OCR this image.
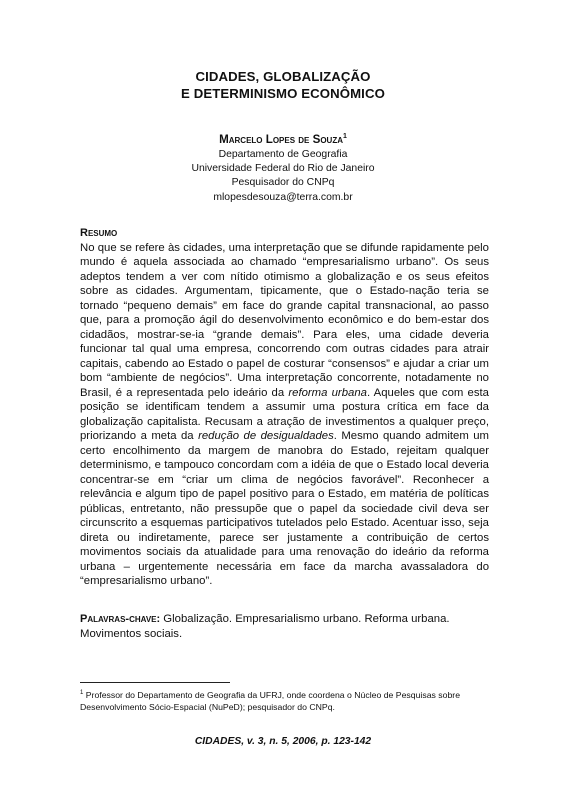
CIDADES, GLOBALIZAÇÃO
E DETERMINISMO ECONÔMICO
Marcelo Lopes de Souza$^1$
Departamento de Geografia
Universidade Federal do Rio de Janeiro
Pesquisador do CNPq
mlopesdesouza@terra.com.br
Resumo

No que se refere às cidades, uma interpretação que se difunde rapidamente pelo mundo é aquela associada ao chamado “empresarialismo urbano”. Os seus adeptos tendem a ver com nítido otimismo a globalização e os seus efeitos sobre as cidades. Argumentam, tipicamente, que o Estado-nação teria se tornado “pequeno demais” em face do grande capital transnacional, ao passo que, para a promoção ágil do desenvolvimento econômico e do bem-estar dos cidadãos, mostrar-se-ia “grande demais”. Para eles, uma cidade deveria funcionar tal qual uma empresa, concorrendo com outras cidades para atrair capitais, cabendo ao Estado o papel de costurar “consensos” e ajudar a criar um bom “ambiente de negócios”. Uma interpretação concorrente, notadamente no Brasil, é a representada pelo ideário da reforma urbana. Aqueles que com esta posição se identificam tendem a assumir uma postura crítica em face da globalização capitalista. Recusam a atração de investimentos a qualquer preço, priorizando a meta da redução de desigualdades. Mesmo quando admitem um certo encolhimento da margem de manobra do Estado, rejeitam qualquer determinismo, e tampouco concordam com a idéia de que o Estado local deveria concentrar-se em “criar um clima de negócios favorável”. Reconhecer a relevância e algum tipo de papel positivo para o Estado, em matéria de políticas públicas, entretanto, não pressupõe que o papel da sociedade civil deva ser circunscrito a esquemas participativos tutelados pelo Estado. Acentuar isso, seja direta ou indiretamente, parece ser justamente a contribuição de certos movimentos sociais da atualidade para uma renovação do ideário da reforma urbana – urgentemente necessária em face da marcha avassaladora do “empresarialismo urbano”.

Palavras-chave: Globalização. Empresarialismo urbano. Reforma urbana. Movimentos sociais.
$^1$ Professor do Departamento de Geografia da UFRJ, onde coordena o Núcleo de Pesquisas sobre Desenvolvimento Sócio-Espacial (NuPeD); pesquisador do CNPq.
CIDADES, v. 3, n. 5, 2006, p. 123-142
